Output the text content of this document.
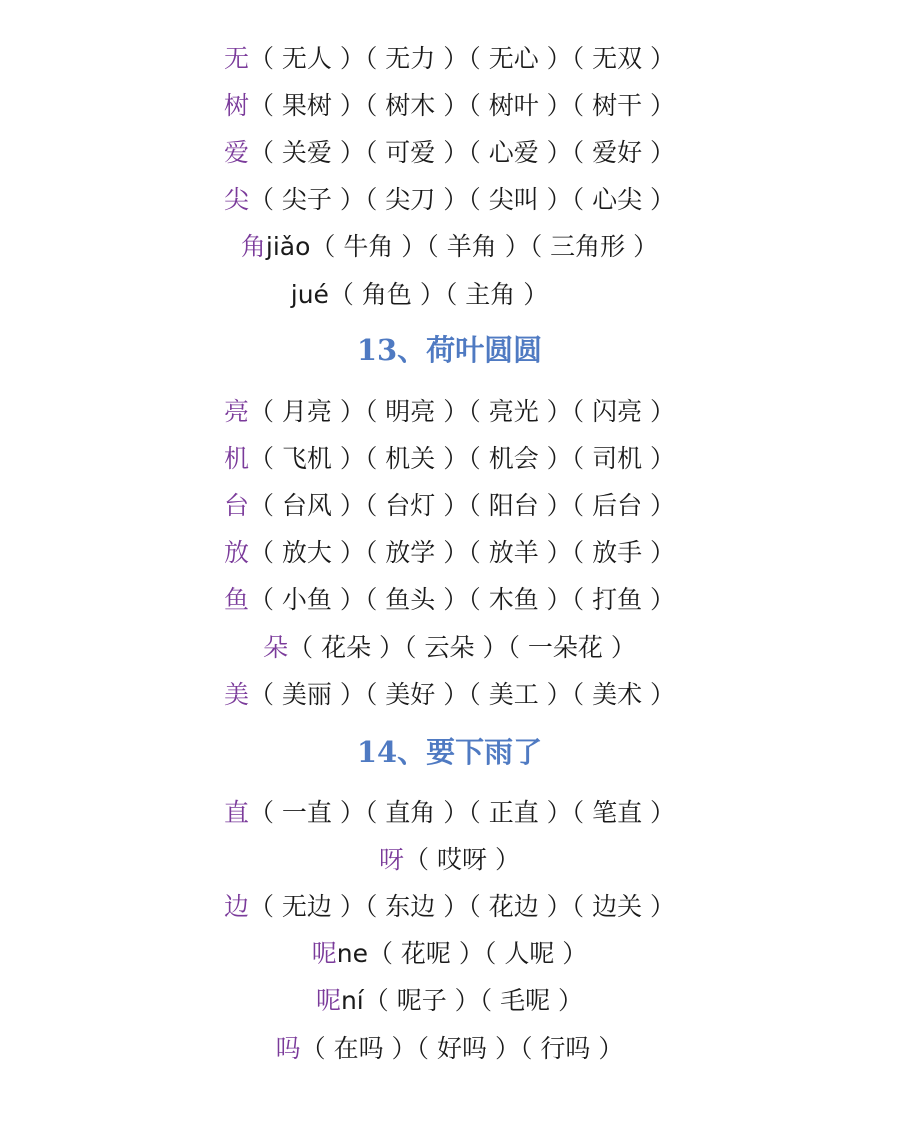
无（ 无人 ）（ 无力 ）（ 无心 ）（ 无双 ）
树（ 果树 ）（ 树木 ）（ 树叶 ）（ 树干 ）
爱（ 关爱 ）（ 可爱 ）（ 心爱 ）（ 爱好 ）
尖（ 尖子 ）（ 尖刀 ）（ 尖叫 ）（ 心尖 ）
角jiǎo（ 牛角 ）（ 羊角 ）（ 三角形 ）
jué（ 角色 ）（ 主角 ）
13、荷叶圆圆
亮（ 月亮 ）（ 明亮 ）（ 亮光 ）（ 闪亮 ）
机（ 飞机 ）（ 机关 ）（ 机会 ）（ 司机 ）
台（ 台风 ）（ 台灯 ）（ 阳台 ）（ 后台 ）
放（ 放大 ）（ 放学 ）（ 放羊 ）（ 放手 ）
鱼（ 小鱼 ）（ 鱼头 ）（ 木鱼 ）（ 打鱼 ）
朵（ 花朵 ）（ 云朵 ）（ 一朵花 ）
美（ 美丽 ）（ 美好 ）（ 美工 ）（ 美术 ）
14、要下雨了
直（ 一直 ）（ 直角 ）（ 正直 ）（ 笔直 ）
呀（ 哎呀 ）
边（ 无边 ）（ 东边 ）（ 花边 ）（ 边关 ）
呢ne（ 花呢 ）（ 人呢 ）
呢ní（ 呢子 ）（ 毛呢 ）
吗（ 在吗 ）（ 好吗 ）（ 行吗 ）
